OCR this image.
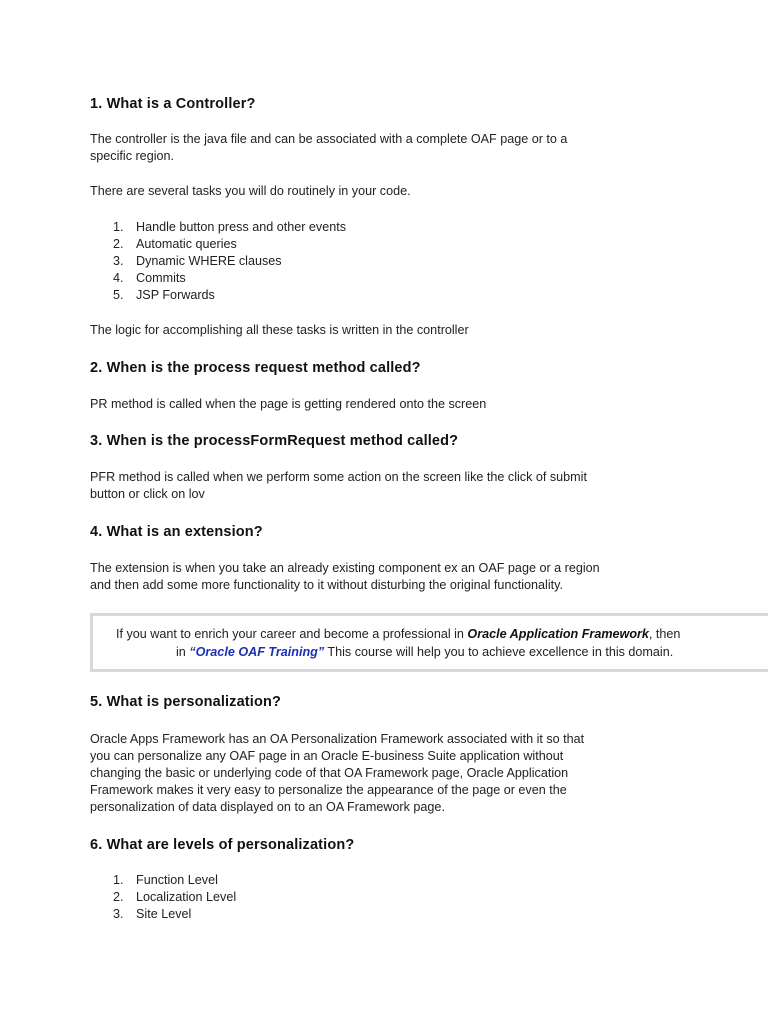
1. What is a Controller?
The controller is the java file and can be associated with a complete OAF page or to a
specific region.
There are several tasks you will do routinely in your code.
1. Handle button press and other events
2. Automatic queries
3. Dynamic WHERE clauses
4. Commits
5. JSP Forwards
The logic for accomplishing all these tasks is written in the controller
2. When is the process request method called?
PR method is called when the page is getting rendered onto the screen
3. When is the processFormRequest method called?
PFR method is called when we perform some action on the screen like the click of submit
button or click on lov
4. What is an extension?
The extension is when you take an already existing component ex an OAF page or a region
and then add some more functionality to it without disturbing the original functionality.
If you want to enrich your career and become a professional in Oracle Application Framework, then
in “Oracle OAF Training” This course will help you to achieve excellence in this domain.
5. What is personalization?
Oracle Apps Framework has an OA Personalization Framework associated with it so that
you can personalize any OAF page in an Oracle E-business Suite application without
changing the basic or underlying code of that OA Framework page, Oracle Application
Framework makes it very easy to personalize the appearance of the page or even the
personalization of data displayed on to an OA Framework page.
6. What are levels of personalization?
1. Function Level
2. Localization Level
3. Site Level
